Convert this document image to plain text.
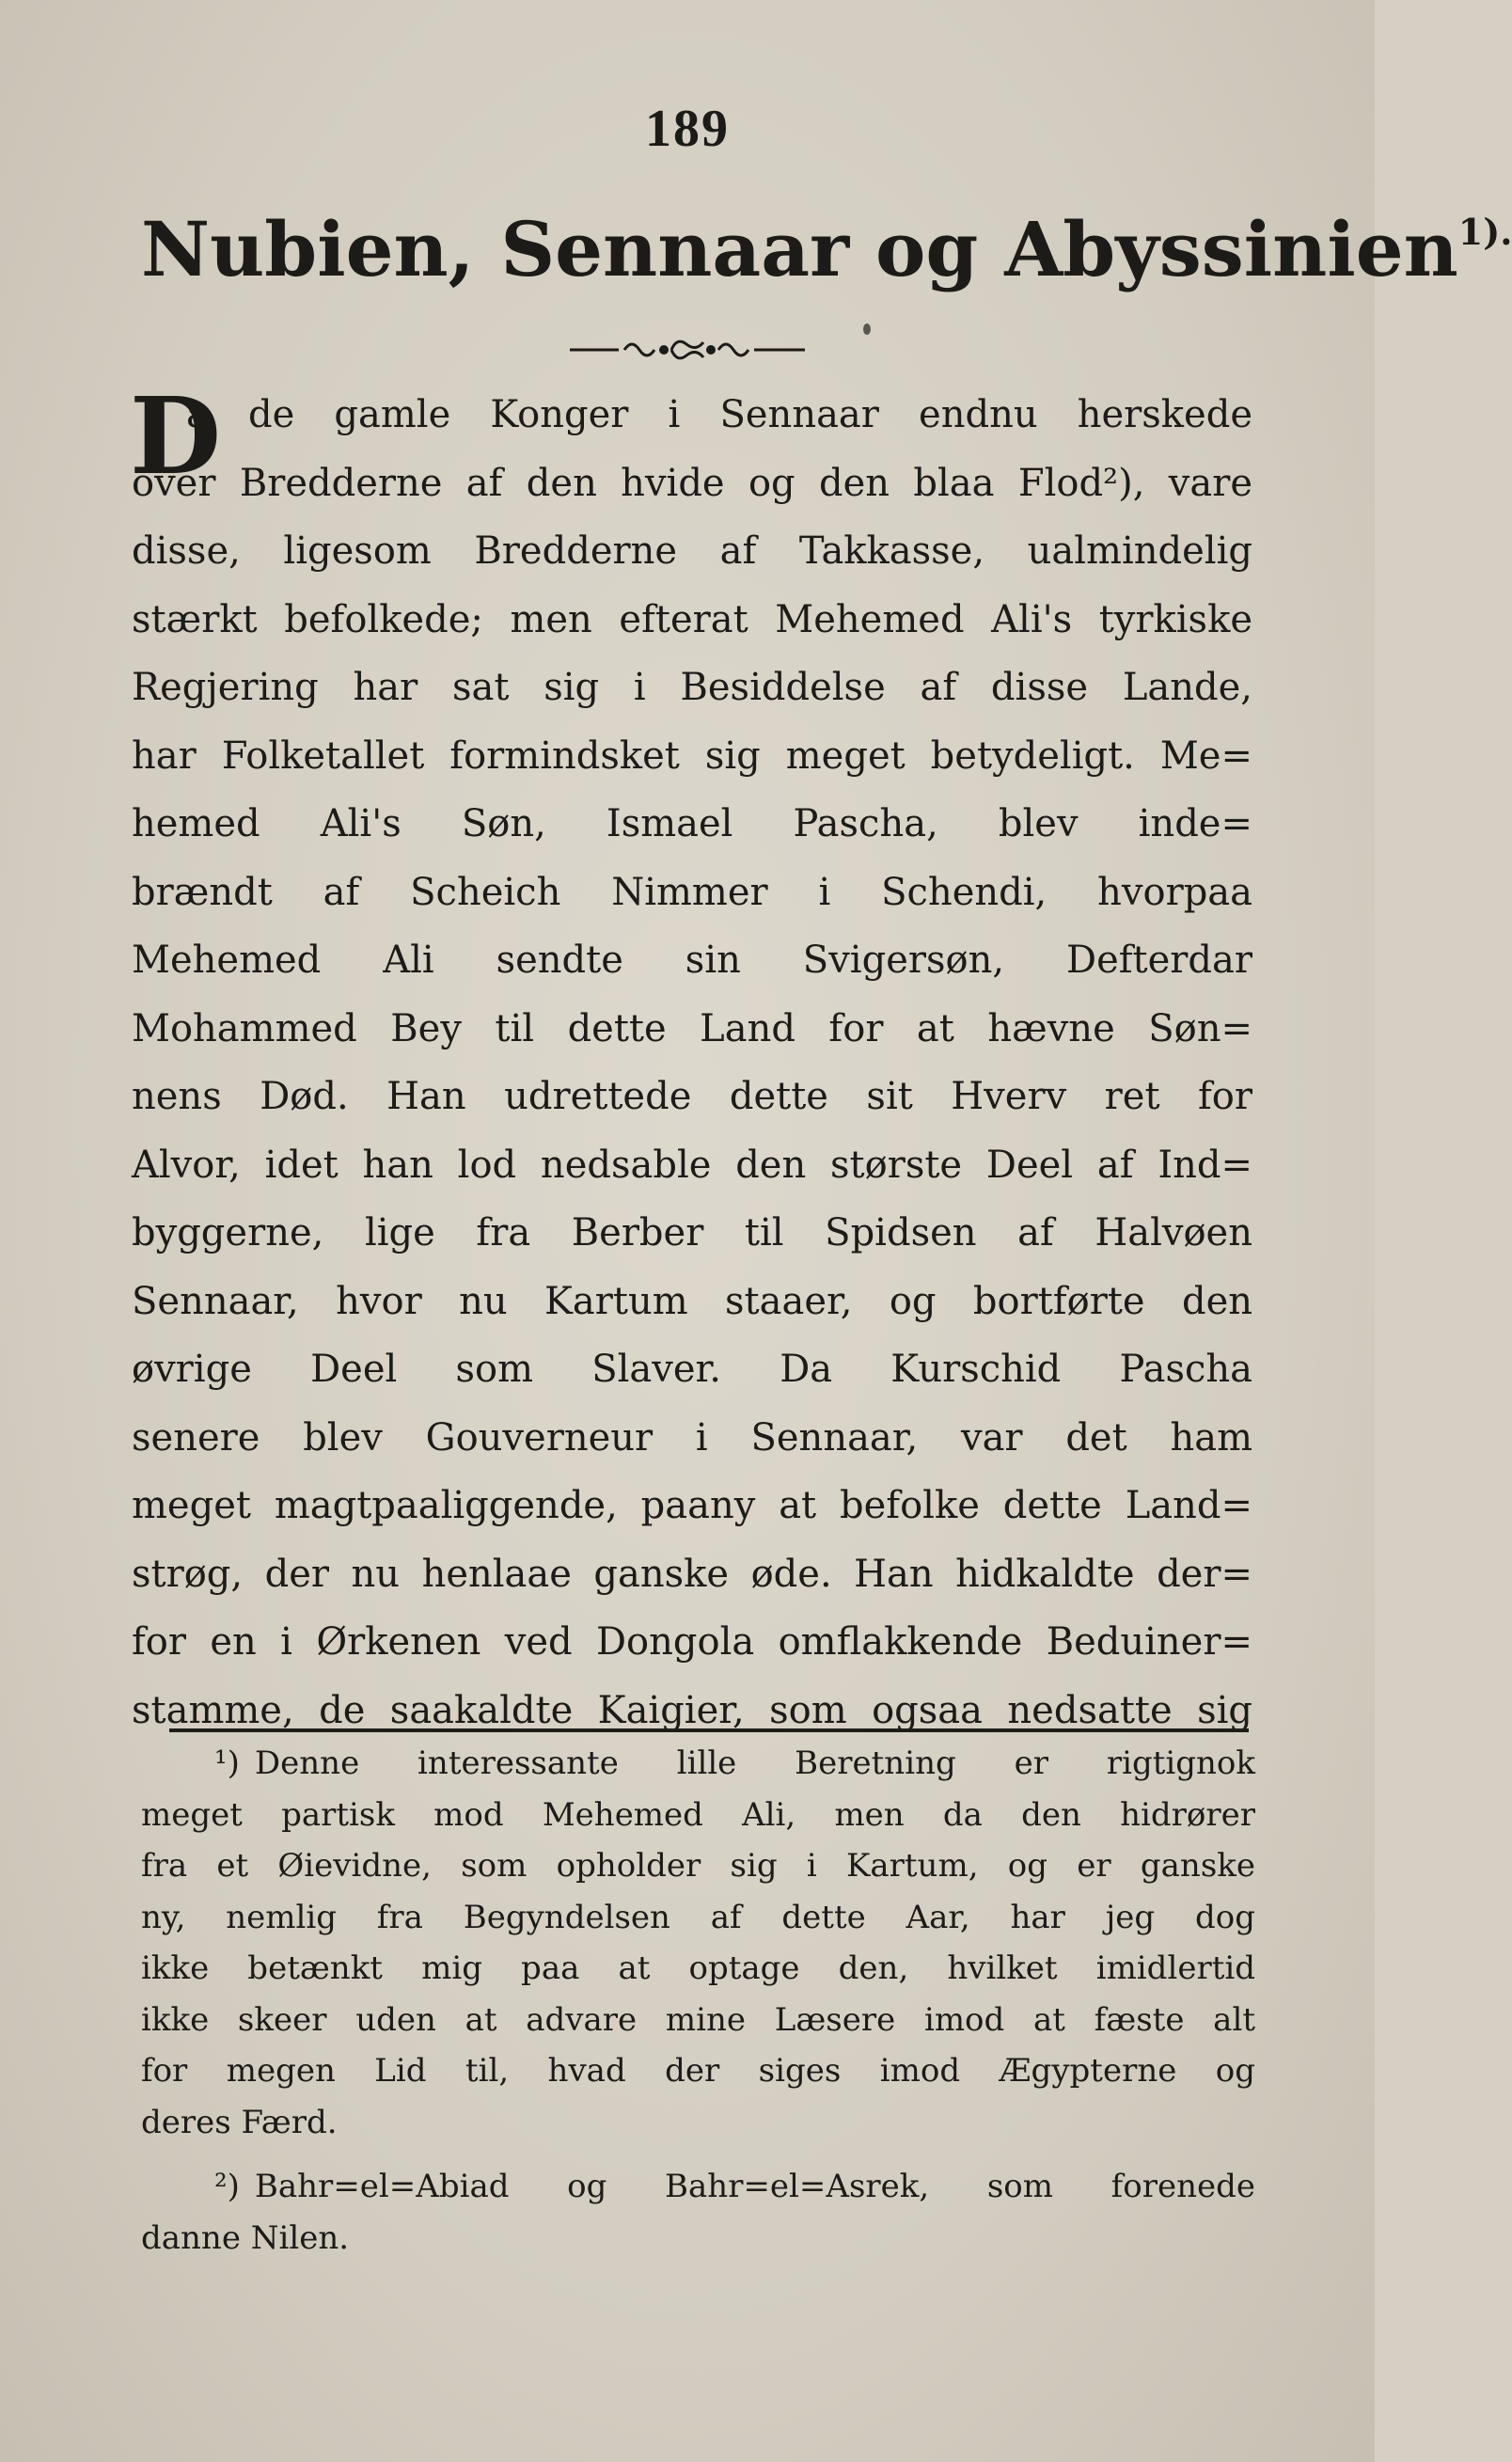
189
Nubien, Sennaar og Abyssinien$^{1).}$
D
a de gamle Konger i Sennaar endnu herskede
over Bredderne af den hvide og den blaa Flod²), vare
disse, ligesom Bredderne af Takkasse, ualmindelig
stærkt befolkede; men efterat Mehemed Ali's tyrkiske
Regjering har sat sig i Besiddelse af disse Lande,
har Folketallet formindsket sig meget betydeligt. Me=
hemed Ali's Søn, Ismael Pascha, blev inde=
brændt af Scheich Nimmer i Schendi, hvorpaa
Mehemed Ali sendte sin Svigersøn, Defterdar
Mohammed Bey til dette Land for at hævne Søn=
nens Død. Han udrettede dette sit Hverv ret for
Alvor, idet han lod nedsable den største Deel af Ind=
byggerne, lige fra Berber til Spidsen af Halvøen
Sennaar, hvor nu Kartum staaer, og bortførte den
øvrige Deel som Slaver. Da Kurschid Pascha
senere blev Gouverneur i Sennaar, var det ham
meget magtpaaliggende, paany at befolke dette Land=
strøg, der nu henlaae ganske øde. Han hidkaldte der=
for en i Ørkenen ved Dongola omflakkende Beduiner=
stamme, de saakaldte Kaigier, som ogsaa nedsatte sig
¹) Denne interessante lille Beretning er rigtignok
meget partisk mod Mehemed Ali, men da den hidrører
fra et Øievidne, som opholder sig i Kartum, og er ganske
ny, nemlig fra Begyndelsen af dette Aar, har jeg dog
ikke betænkt mig paa at optage den, hvilket imidlertid
ikke skeer uden at advare mine Læsere imod at fæste alt
for megen Lid til, hvad der siges imod Ægypterne og
deres Færd.
²) Bahr=el=Abiad og Bahr=el=Asrek, som forenede
danne Nilen.
